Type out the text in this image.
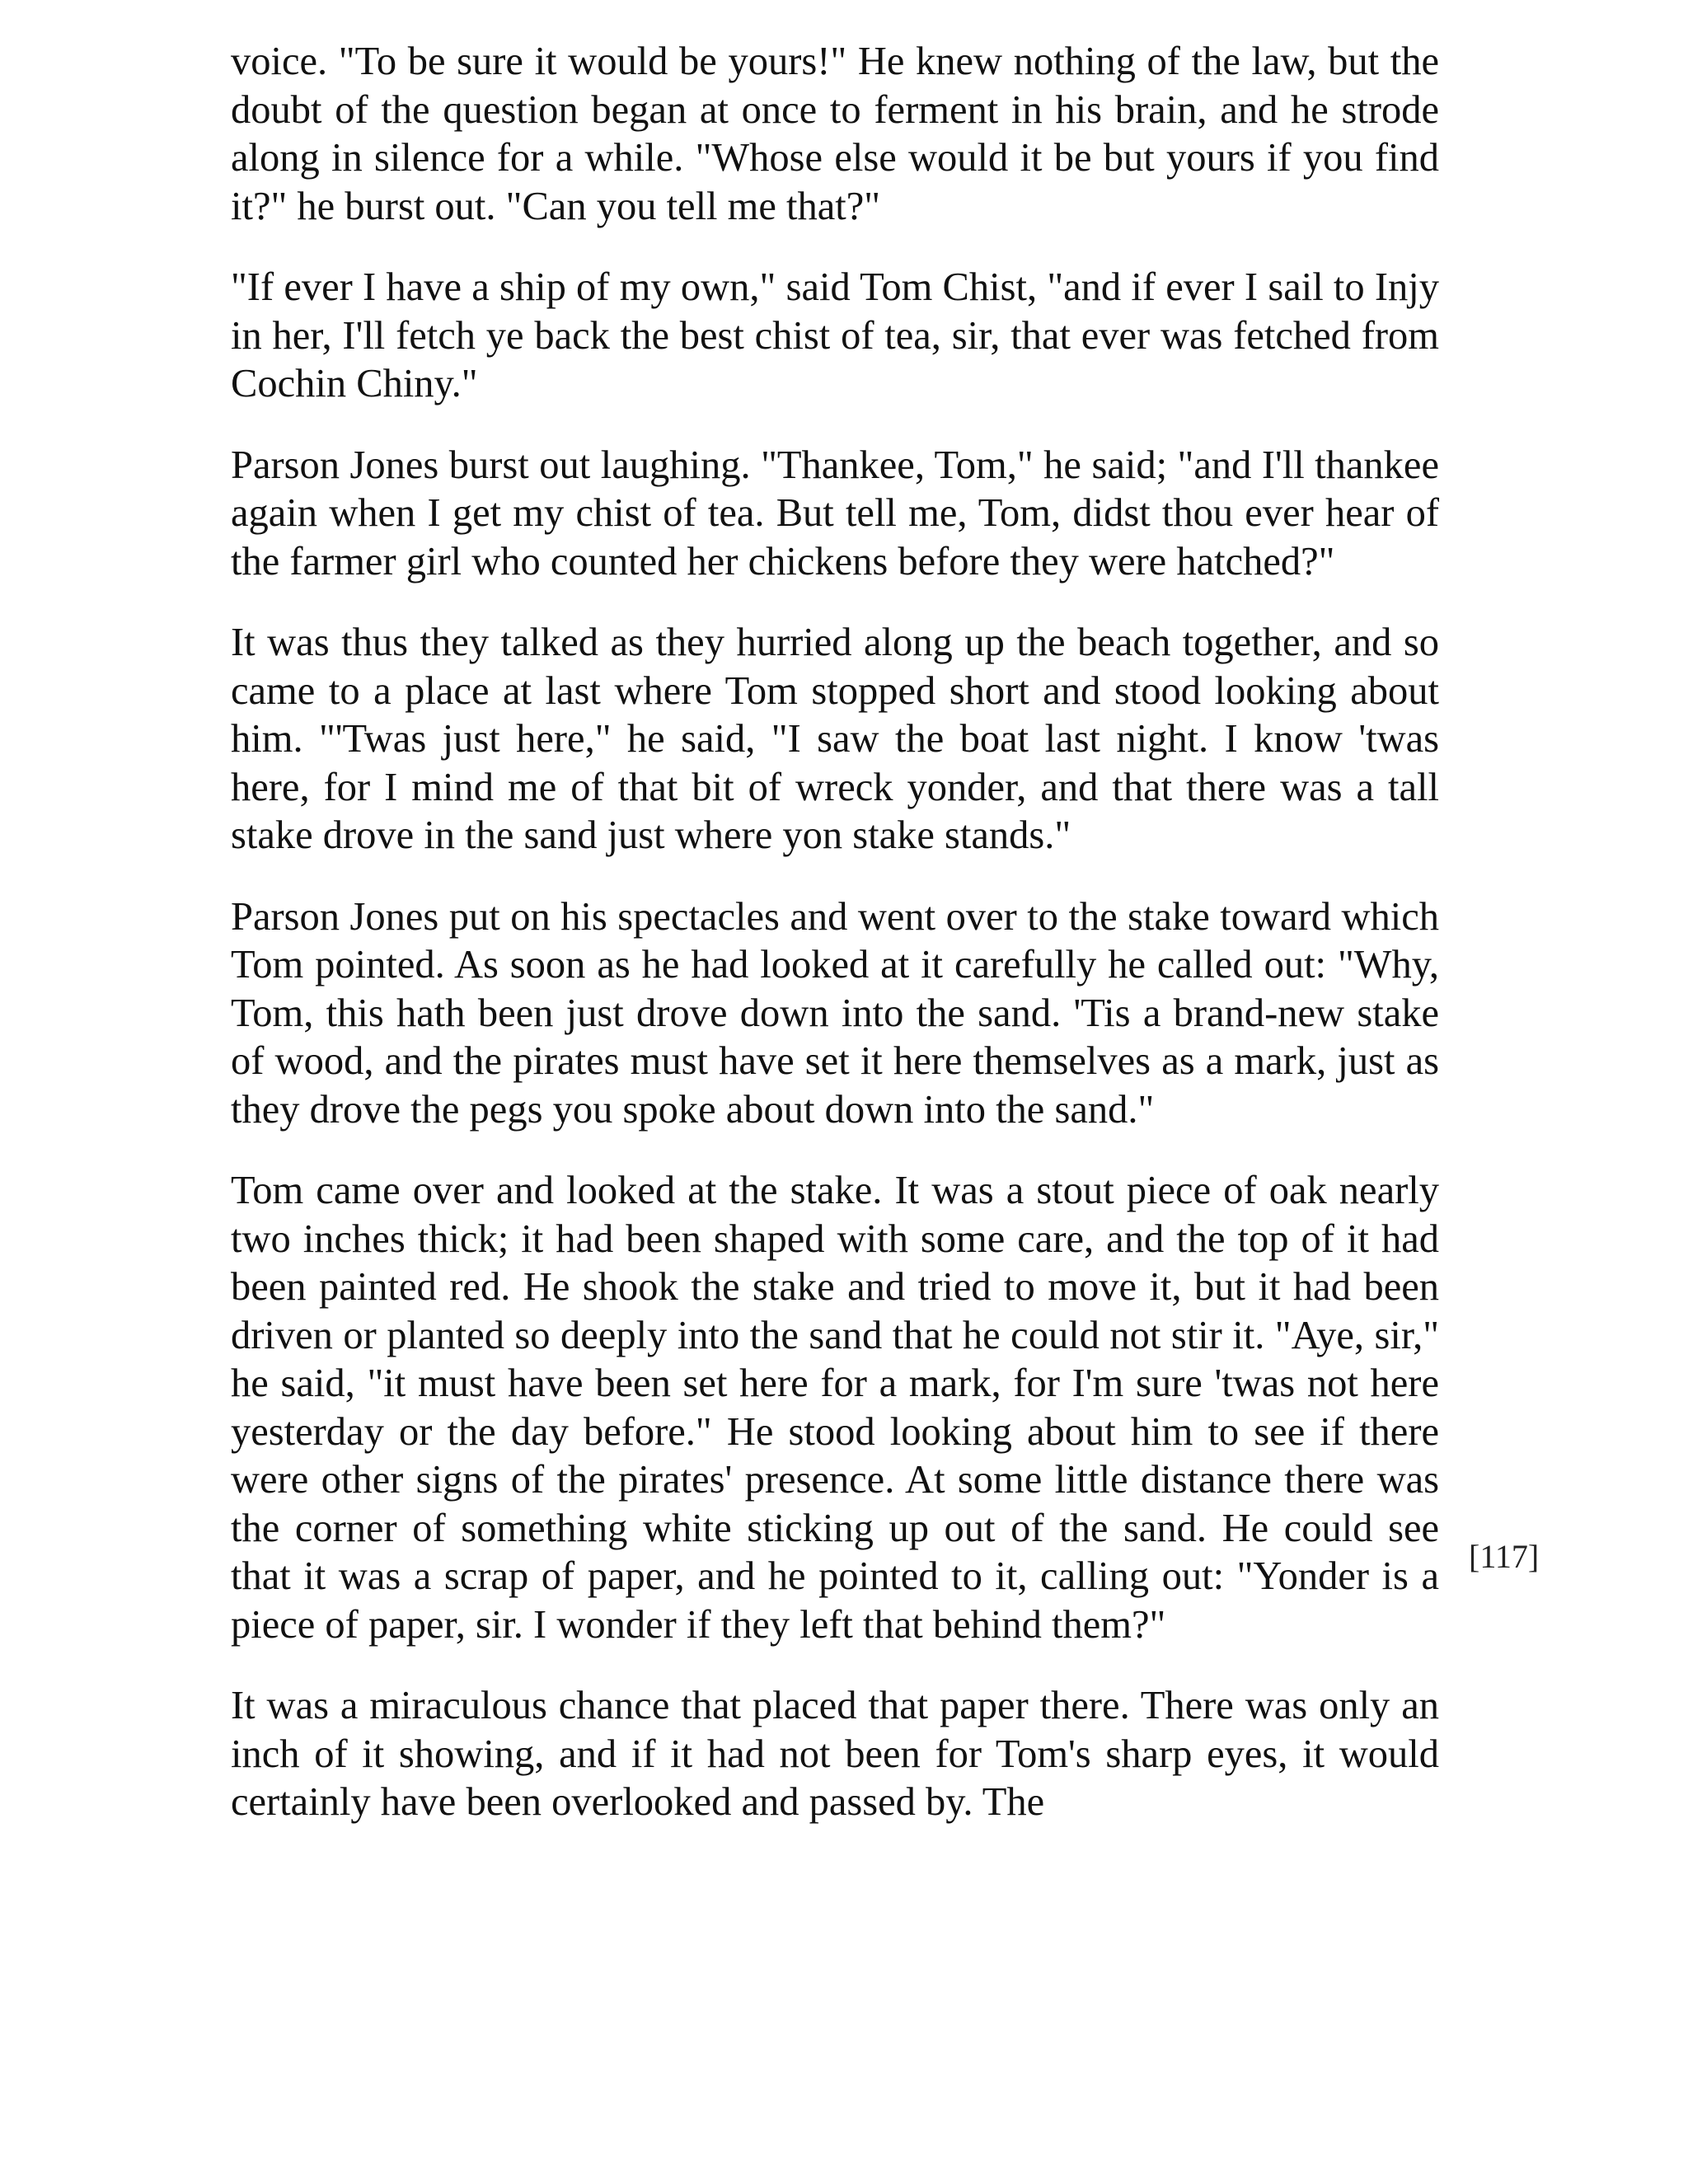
voice. "To be sure it would be yours!" He knew nothing of the law, but the doubt of the question began at once to ferment in his brain, and he strode along in silence for a while. "Whose else would it be but yours if you find it?" he burst out. "Can you tell me that?"

"If ever I have a ship of my own," said Tom Chist, "and if ever I sail to Injy in her, I'll fetch ye back the best chist of tea, sir, that ever was fetched from Cochin Chiny."

Parson Jones burst out laughing. "Thankee, Tom," he said; "and I'll thankee again when I get my chist of tea. But tell me, Tom, didst thou ever hear of the farmer girl who counted her chickens before they were hatched?"

It was thus they talked as they hurried along up the beach together, and so came to a place at last where Tom stopped short and stood looking about him. "'Twas just here," he said, "I saw the boat last night. I know 'twas here, for I mind me of that bit of wreck yonder, and that there was a tall stake drove in the sand just where yon stake stands."

Parson Jones put on his spectacles and went over to the stake toward which Tom pointed. As soon as he had looked at it carefully he called out: "Why, Tom, this hath been just drove down into the sand. 'Tis a brand-new stake of wood, and the pirates must have set it here themselves as a mark, just as they drove the pegs you spoke about down into the sand."

Tom came over and looked at the stake. It was a stout piece of oak nearly two inches thick; it had been shaped with some care, and the top of it had been painted red. He shook the stake and tried to move it, but it had been driven or planted so deeply into the sand that he could not stir it. "Aye, sir," he said, "it must have been set here for a mark, for I'm sure 'twas not here yesterday or the day before." He stood looking about him to see if there were other signs of the pirates' presence. At some little distance there was the corner of something white sticking up out of the sand. He could see that it was a scrap of paper, and he pointed to it, calling out: "Yonder is a piece of paper, sir. I wonder if they left that behind them?"

It was a miraculous chance that placed that paper there. There was only an inch of it showing, and if it had not been for Tom's sharp eyes, it would certainly have been overlooked and passed by. The

[117]
